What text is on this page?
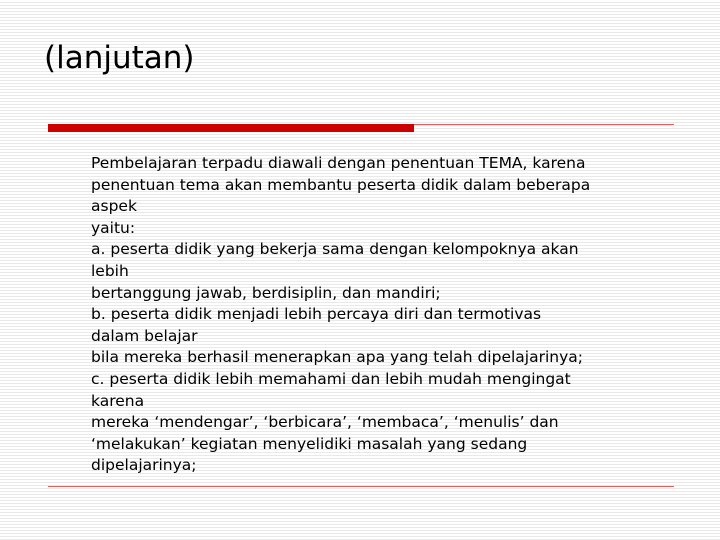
(lanjutan)
Pembelajaran terpadu diawali dengan penentuan TEMA, karena
penentuan tema akan membantu peserta didik dalam beberapa
aspek
yaitu:
a. peserta didik yang bekerja sama dengan kelompoknya akan
lebih
bertanggung jawab, berdisiplin, dan mandiri;
b. peserta didik menjadi lebih percaya diri dan termotivas
dalam belajar
bila mereka berhasil menerapkan apa yang telah dipelajarinya;
c. peserta didik lebih memahami dan lebih mudah mengingat
karena
mereka ‘mendengar’, ‘berbicara’, ‘membaca’, ‘menulis’ dan
‘melakukan’ kegiatan menyelidiki masalah yang sedang
dipelajarinya;
